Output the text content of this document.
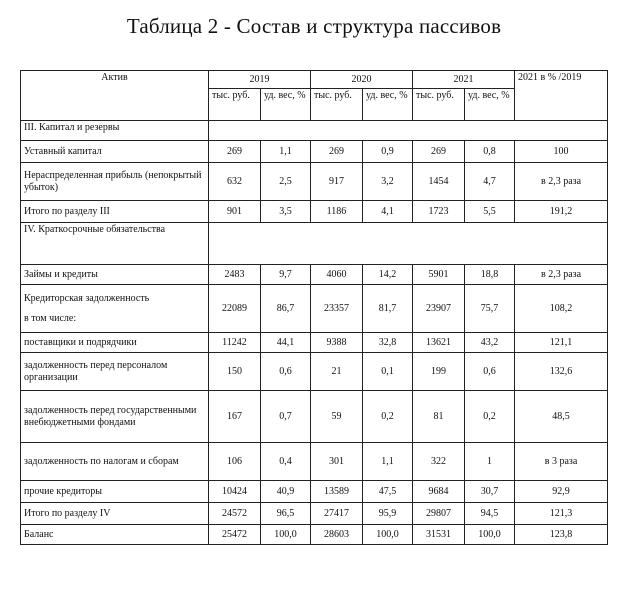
Таблица 2 - Состав и структура пассивов
Актив	2019		2020		2021		2021 в % /2019
	тыс. руб.	уд. вес, %	тыс. руб.	уд. вес, %	тыс. руб.	уд. вес, %	
III. Капитал и резервы							
Уставный капитал	269	1,1	269	0,9	269	0,8	100
Нераспределенная прибыль (непокрытый убыток)	632	2,5	917	3,2	1454	4,7	в 2,3 раза
Итого по разделу III	901	3,5	1186	4,1	1723	5,5	191,2
IV. Краткосрочные обязательства							
Займы и кредиты	2483	9,7	4060	14,2	5901	18,8	в 2,3 раза
Кредиторская задолженность
в том числе:	22089	86,7	23357	81,7	23907	75,7	108,2
поставщики и подрядчики	11242	44,1	9388	32,8	13621	43,2	121,1
задолженность перед персоналом организации	150	0,6	21	0,1	199	0,6	132,6
задолженность перед государственными внебюджетными фондами	167	0,7	59	0,2	81	0,2	48,5
задолженность по налогам и сборам	106	0,4	301	1,1	322	1	в 3 раза
прочие кредиторы	10424	40,9	13589	47,5	9684	30,7	92,9
Итого по разделу IV	24572	96,5	27417	95,9	29807	94,5	121,3
Баланс	25472	100,0	28603	100,0	31531	100,0	123,8
